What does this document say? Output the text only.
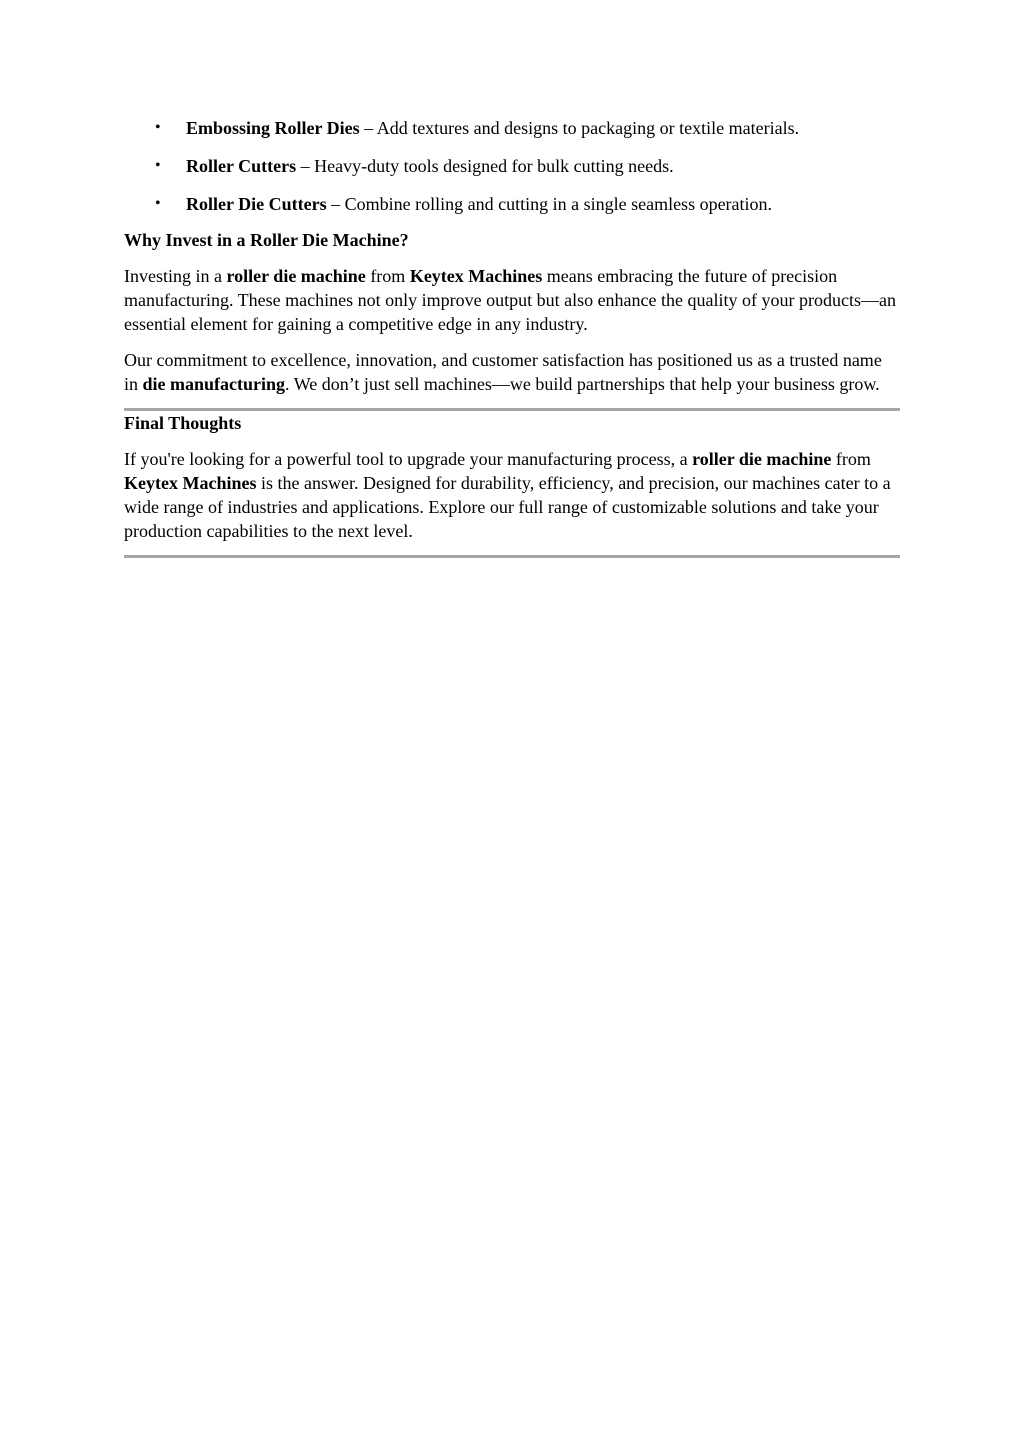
• Embossing Roller Dies – Add textures and designs to packaging or textile materials.
• Roller Cutters – Heavy-duty tools designed for bulk cutting needs.
• Roller Die Cutters – Combine rolling and cutting in a single seamless operation.
Why Invest in a Roller Die Machine?

Investing in a roller die machine from Keytex Machines means embracing the future of precision manufacturing. These machines not only improve output but also enhance the quality of your products—an essential element for gaining a competitive edge in any industry.

Our commitment to excellence, innovation, and customer satisfaction has positioned us as a trusted name in die manufacturing. We don’t just sell machines—we build partnerships that help your business grow.

Final Thoughts

If you're looking for a powerful tool to upgrade your manufacturing process, a roller die machine from Keytex Machines is the answer. Designed for durability, efficiency, and precision, our machines cater to a wide range of industries and applications. Explore our full range of customizable solutions and take your production capabilities to the next level.
